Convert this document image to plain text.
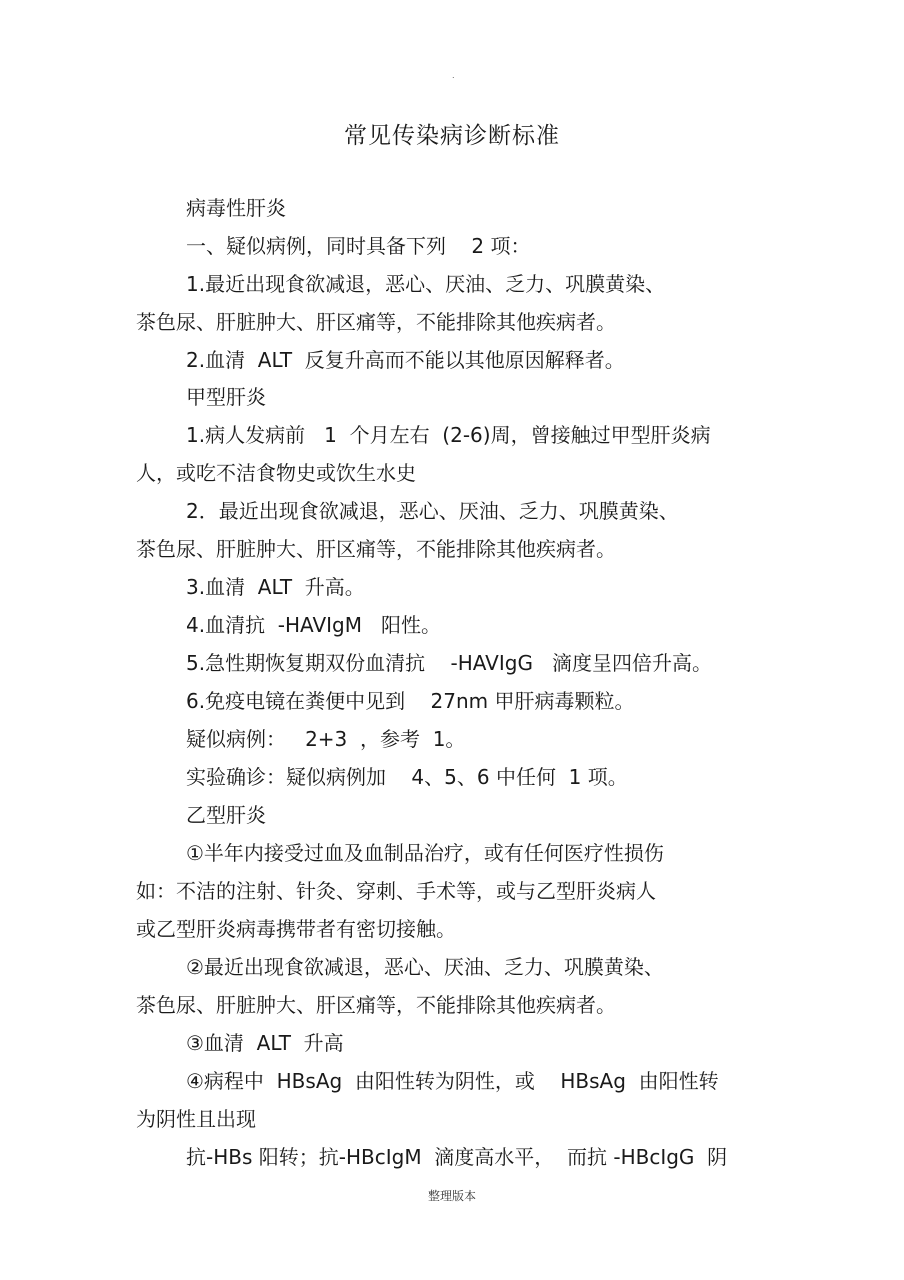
.
常见传染病诊断标准
病毒性肝炎
一、疑似病例，同时具备下列    2 项：
1.最近出现食欲减退，恶心、厌油、乏力、巩膜黄染、
茶色尿、肝脏肿大、肝区痛等，不能排除其他疾病者。
2.血清  ALT  反复升高而不能以其他原因解释者。
甲型肝炎
1.病人发病前   1  个月左右  (2-6)周，曾接触过甲型肝炎病
人，或吃不洁食物史或饮生水史
2．最近出现食欲减退，恶心、厌油、乏力、巩膜黄染、
茶色尿、肝脏肿大、肝区痛等，不能排除其他疾病者。
3.血清  ALT  升高。
4.血清抗  -HAVIgM   阳性。
5.急性期恢复期双份血清抗    -HAVIgG   滴度呈四倍升高。
6.免疫电镜在粪便中见到    27nm 甲肝病毒颗粒。
疑似病例：   2+3  ，参考  1。
实验确诊：疑似病例加    4、5、6 中任何  1 项。
乙型肝炎
①半年内接受过血及血制品治疗，或有任何医疗性损伤
如：不洁的注射、针灸、穿刺、手术等，或与乙型肝炎病人
或乙型肝炎病毒携带者有密切接触。
②最近出现食欲减退，恶心、厌油、乏力、巩膜黄染、
茶色尿、肝脏肿大、肝区痛等，不能排除其他疾病者。
③血清  ALT  升高
④病程中  HBsAg  由阳性转为阴性，或    HBsAg  由阳性转
为阴性且出现
抗-HBs 阳转；抗-HBcIgM  滴度高水平，  而抗 -HBcIgG  阴
整理版本
